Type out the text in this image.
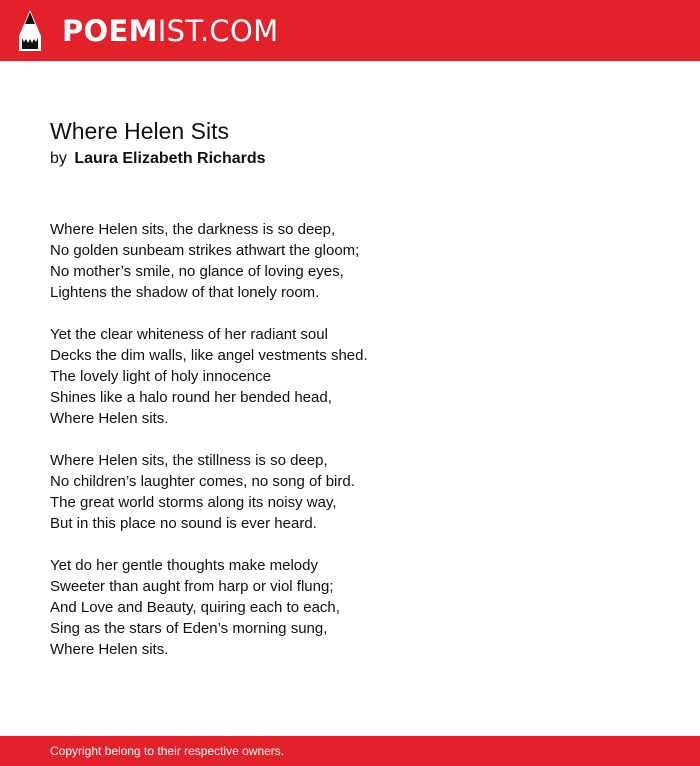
POEMIST.COM
Where Helen Sits
by Laura Elizabeth Richards
Where Helen sits, the darkness is so deep,
No golden sunbeam strikes athwart the gloom;
No mother’s smile, no glance of loving eyes,
Lightens the shadow of that lonely room.
Yet the clear whiteness of her radiant soul
Decks the dim walls, like angel vestments shed.
The lovely light of holy innocence
Shines like a halo round her bended head,
Where Helen sits.
Where Helen sits, the stillness is so deep,
No children’s laughter comes, no song of bird.
The great world storms along its noisy way,
But in this place no sound is ever heard.
Yet do her gentle thoughts make melody
Sweeter than aught from harp or viol flung;
And Love and Beauty, quiring each to each,
Sing as the stars of Eden’s morning sung,
Where Helen sits.
Copyright belong to their respective owners.
